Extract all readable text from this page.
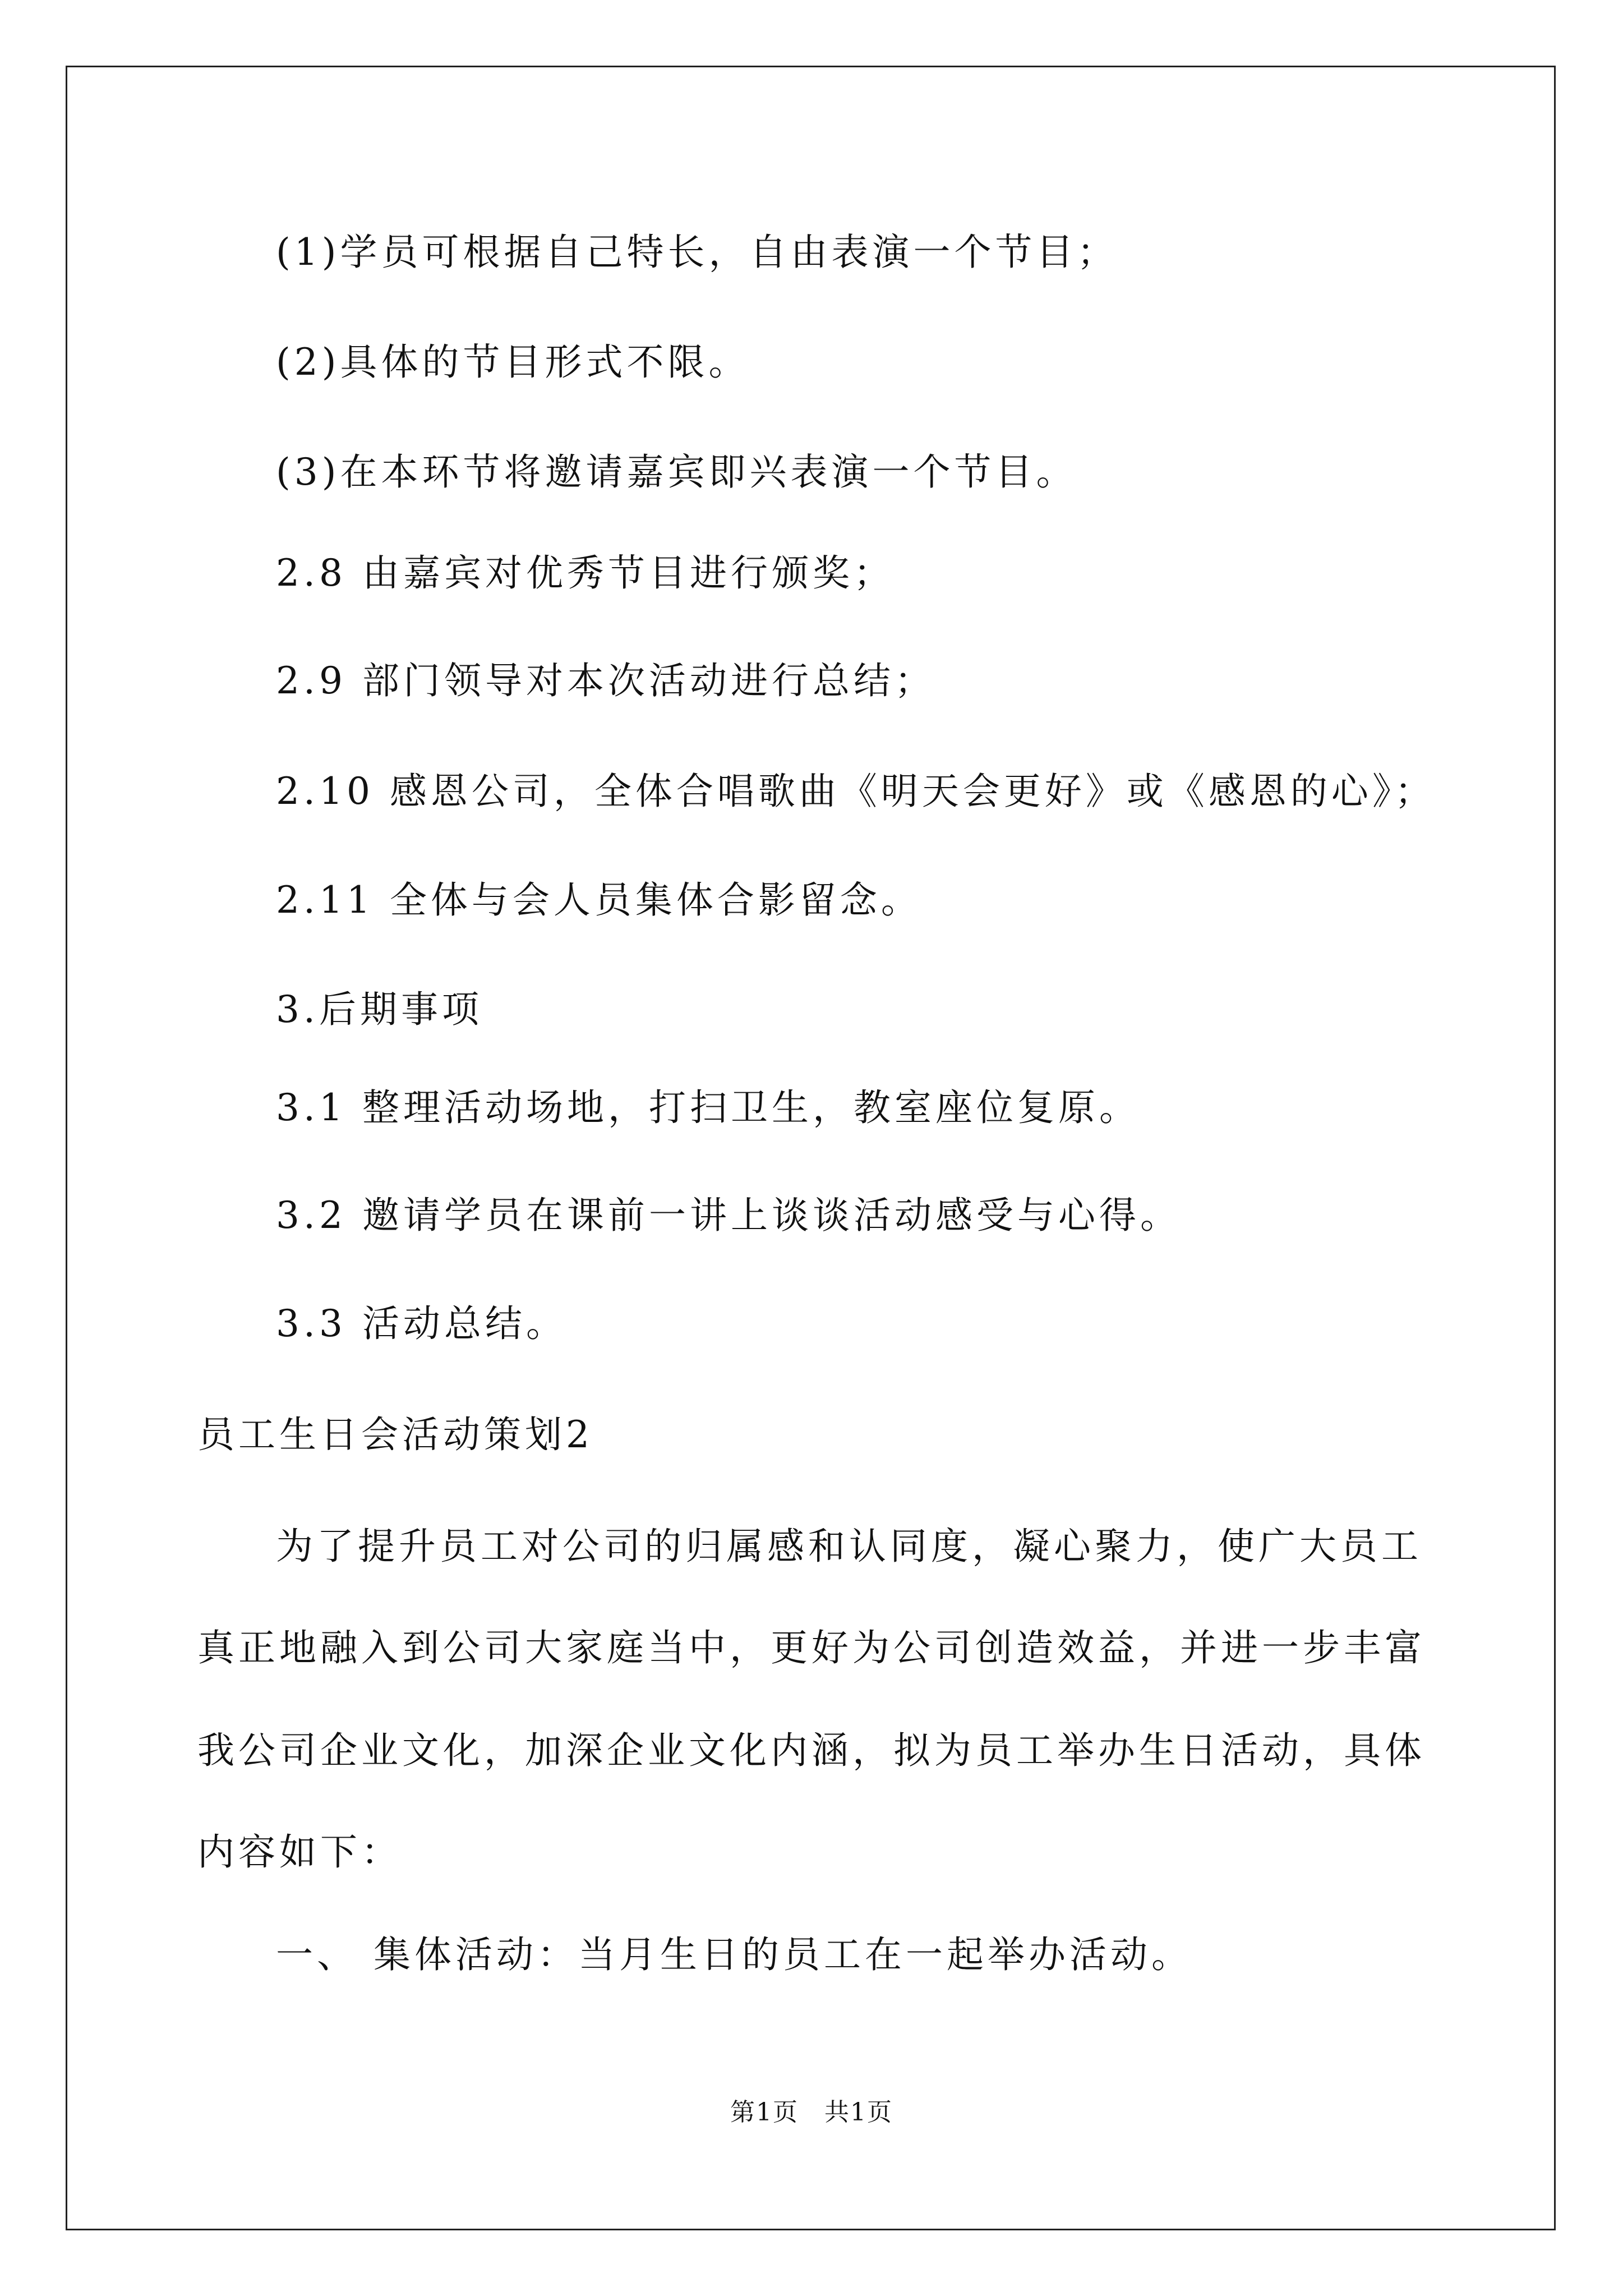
(1)学员可根据自己特长，自由表演一个节目；
(2)具体的节目形式不限。
(3)在本环节将邀请嘉宾即兴表演一个节目。
2.8 由嘉宾对优秀节目进行颁奖；
2.9 部门领导对本次活动进行总结；
2.10 感恩公司，全体合唱歌曲《明天会更好》或《感恩的心》；
2.11 全体与会人员集体合影留念。
3.后期事项
3.1 整理活动场地，打扫卫生，教室座位复原。
3.2 邀请学员在课前一讲上谈谈活动感受与心得。
3.3 活动总结。
员工生日会活动策划2
为了提升员工对公司的归属感和认同度，凝心聚力，使广大员工
真正地融入到公司大家庭当中，更好为公司创造效益，并进一步丰富
我公司企业文化，加深企业文化内涵，拟为员工举办生日活动，具体
内容如下：
一、 集体活动：当月生日的员工在一起举办活动。
第1页　共1页
